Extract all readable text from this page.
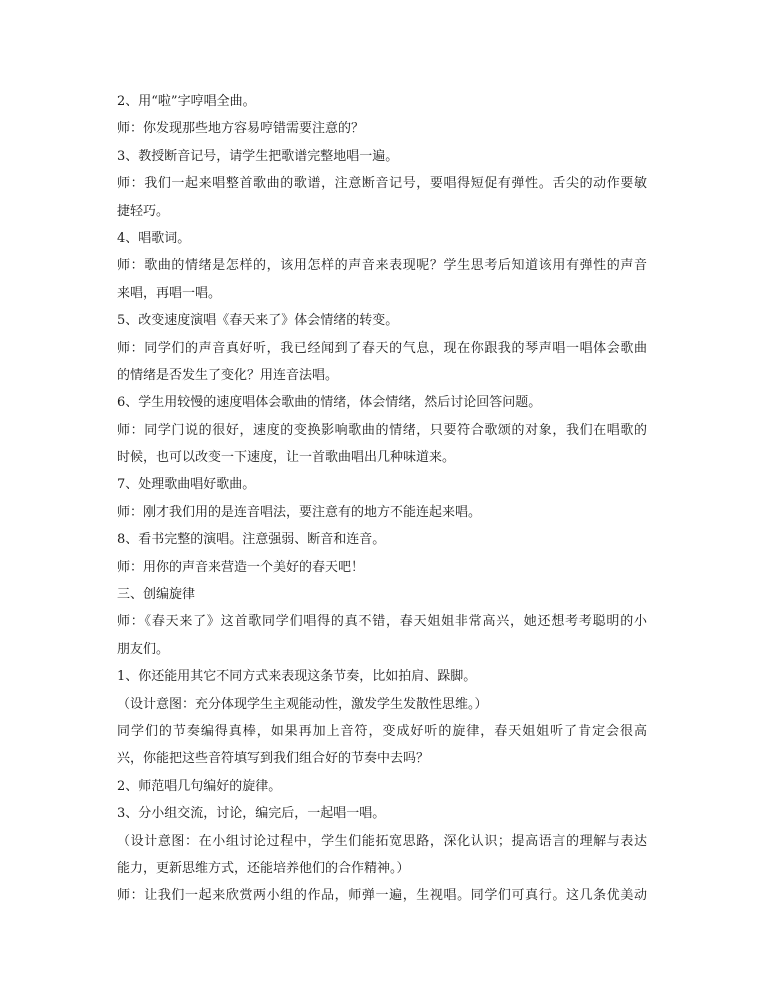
2、用“啦”字哼唱全曲。
师：你发现那些地方容易哼错需要注意的？
3、教授断音记号，请学生把歌谱完整地唱一遍。
师：我们一起来唱整首歌曲的歌谱，注意断音记号，要唱得短促有弹性。舌尖的动作要敏
捷轻巧。
4、唱歌词。
师：歌曲的情绪是怎样的，该用怎样的声音来表现呢？学生思考后知道该用有弹性的声音
来唱，再唱一唱。
5、改变速度演唱《春天来了》体会情绪的转变。
师：同学们的声音真好听，我已经闻到了春天的气息，现在你跟我的琴声唱一唱体会歌曲
的情绪是否发生了变化？用连音法唱。
6、学生用较慢的速度唱体会歌曲的情绪，体会情绪，然后讨论回答问题。
师：同学门说的很好，速度的变换影响歌曲的情绪，只要符合歌颂的对象，我们在唱歌的
时候，也可以改变一下速度，让一首歌曲唱出几种味道来。
7、处理歌曲唱好歌曲。
师：刚才我们用的是连音唱法，要注意有的地方不能连起来唱。
8、看书完整的演唱。注意强弱、断音和连音。
师：用你的声音来营造一个美好的春天吧！
三、创编旋律
师：《春天来了》这首歌同学们唱得的真不错，春天姐姐非常高兴，她还想考考聪明的小
朋友们。
1、你还能用其它不同方式来表现这条节奏，比如拍肩、跺脚。
（设计意图：充分体现学生主观能动性，激发学生发散性思维。）
同学们的节奏编得真棒，如果再加上音符，变成好听的旋律，春天姐姐听了肯定会很高
兴，你能把这些音符填写到我们组合好的节奏中去吗？
2、师范唱几句编好的旋律。
3、分小组交流，讨论，编完后，一起唱一唱。
（设计意图：在小组讨论过程中，学生们能拓宽思路，深化认识；提高语言的理解与表达
能力，更新思维方式，还能培养他们的合作精神。）
师：让我们一起来欣赏两小组的作品，师弹一遍，生视唱。同学们可真行。这几条优美动
